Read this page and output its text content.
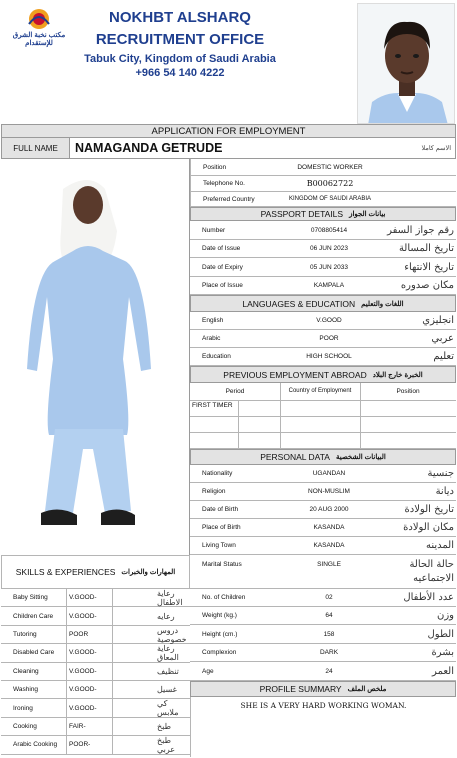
مكتب نخبة الشرق للإستقدام
NOKHBT ALSHARQ
RECRUITMENT OFFICE
Tabuk City, Kingdom of Saudi Arabia
+966 54 140 4222
APPLICATION FOR EMPLOYMENT
FULL NAME	NAMAGANDA GETRUDE	الاسم كاملا
Position	DOMESTIC WORKER
Telephone No.	B00062722
Preferred Country	KINGDOM OF SAUDI ARABIA
PASSPORT DETAILS بيانات الجواز
Number	0708805414	رقم جواز السفر
Date of Issue	06 JUN 2023	تاريخ المسالة
Date of Expiry	05 JUN 2033	تاريخ الانتهاء
Place of Issue	KAMPALA	مكان صدوره
LANGUAGES & EDUCATION اللغات والتعليم
English	V.GOOD	انجليزي
Arabic	POOR	عربي
Education	HIGH SCHOOL	تعليم
PREVIOUS EMPLOYMENT ABROAD الخبرة خارج البلاد
Period	Country of Employment	Position
FIRST TIMER
PERSONAL DATA البيانات الشخصية
Nationality	UGANDAN	جنسية
Religion	NON-MUSLIM	ديانة
Date of Birth	20 AUG 2000	تاريخ الولادة
Place of Birth	KASANDA	مكان الولادة
Living Town	KASANDA	المدينه
Marital Status	SINGLE	حالة الحالة الاجتماعيه
No. of Children	02	عدد الأطفال
Weight (kg.)	64	وزن
Height (cm.)	158	الطول
Complexion	DARK	بشرة
Age	24	العمر
PROFILE SUMMARY ملخص الملف
SHE IS A VERY HARD WORKING WOMAN.
SKILLS & EXPERIENCES المهارات والخبرات
Baby Sitting	V.GOOD-	رعاية الاطفال
Children Care V.GOOD-	رعايه
Tutoring	POOR	دروس خصوصية
Disabled Care V.GOOD-	رعاية المعاق
Cleaning	V.GOOD-	تنظيف
Washing	V.GOOD-	غسيل
Ironing	V.GOOD-	كي ملابس
Cooking	FAIR-	طبخ
Arabic Cooking POOR-	طبخ عربي
